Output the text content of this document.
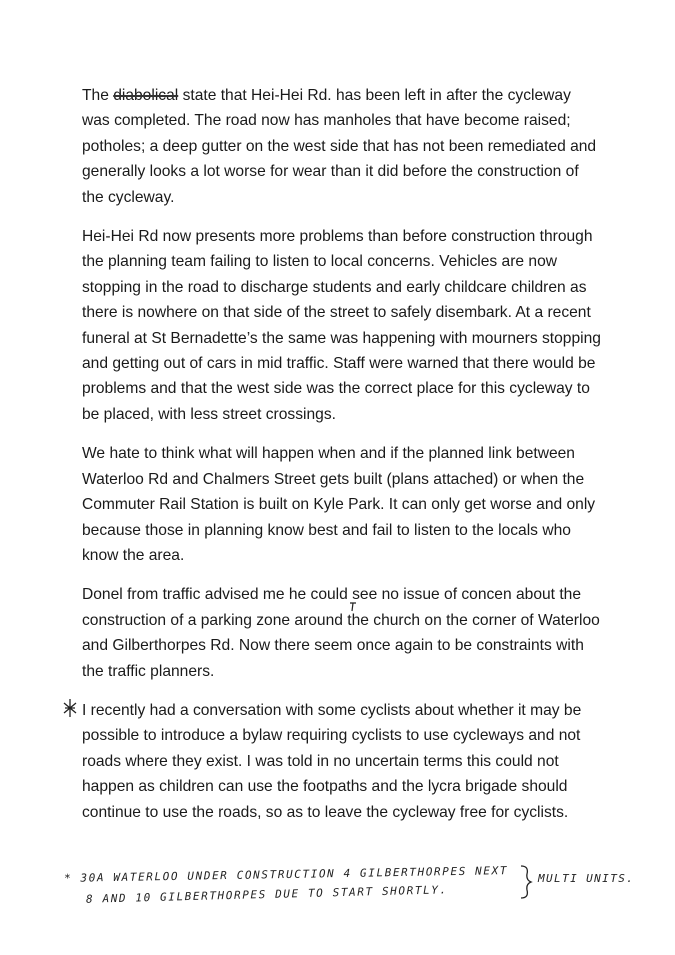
The diabolical state that Hei-Hei Rd. has been left in after the cycleway was completed. The road now has manholes that have become raised; potholes; a deep gutter on the west side that has not been remediated and generally looks a lot worse for wear than it did before the construction of the cycleway.

Hei-Hei Rd now presents more problems than before construction through the planning team failing to listen to local concerns. Vehicles are now stopping in the road to discharge students and early childcare children as there is nowhere on that side of the street to safely disembark. At a recent funeral at St Bernadette’s the same was happening with mourners stopping and getting out of cars in mid traffic. Staff were warned that there would be problems and that the west side was the correct place for this cycleway to be placed, with less street crossings.

We hate to think what will happen when and if the planned link between Waterloo Rd and Chalmers Street gets built (plans attached) or when the Commuter Rail Station is built on Kyle Park. It can only get worse and only because those in planning know best and fail to listen to the locals who know the area.

Donel from traffic advised me he could see no issue of concen about the construction of a parking zone around the church on the corner of Waterloo and Gilberthorpes Rd. Now there seem once again to be constraints with the traffic planners.

I recently had a conversation with some cyclists about whether it may be possible to introduce a bylaw requiring cyclists to use cycleways and not roads where they exist. I was told in no uncertain terms this could not happen as children can use the footpaths and the lycra brigade should continue to use the roads, so as to leave the cycleway free for cyclists.

* 30A WATERLOO UNDER CONSTRUCTION 4 GILBERTHORPES NEXT
8 AND 10 GILBERTHORPES DUE TO START SHORTLY.
MULTI UNITS.
